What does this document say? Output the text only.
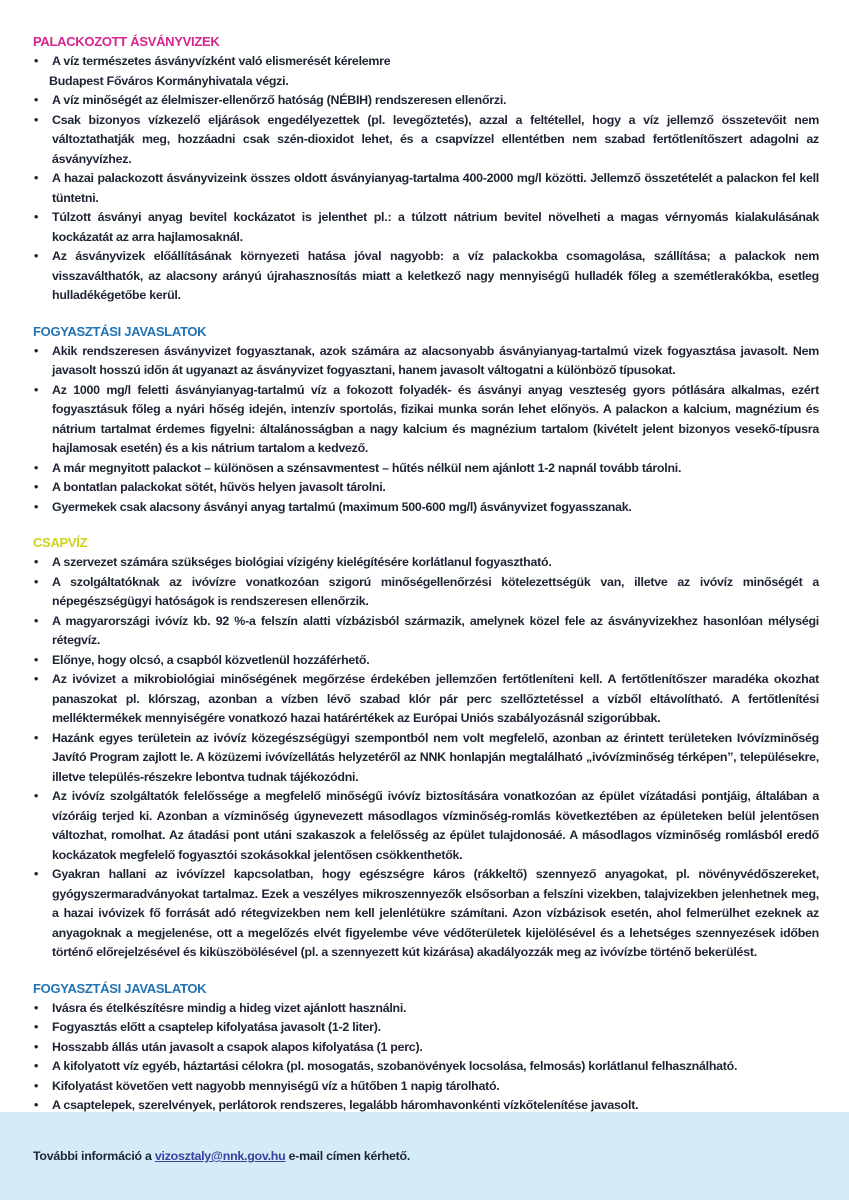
PALACKOZOTT ÁSVÁNYVIZEK
• A víz természetes ásványvízként való elismerését kérelemre
Budapest Főváros Kormányhivatala végzi.
• A víz minőségét az élelmiszer-ellenőrző hatóság (NÉBIH) rendszeresen ellenőrzi.
• Csak bizonyos vízkezelő eljárások engedélyezettek (pl. levegőztetés), azzal a feltétellel, hogy a víz jellemző összetevőit nem változtathatják meg, hozzáadni csak szén-dioxidot lehet, és a csapvízzel ellentétben nem szabad fertőtlenítőszert adagolni az ásványvízhez.
• A hazai palackozott ásványvizeink összes oldott ásványianyag-tartalma 400-2000 mg/l közötti. Jellemző összetételét a palackon fel kell tüntetni.
• Túlzott ásványi anyag bevitel kockázatot is jelenthet pl.: a túlzott nátrium bevitel növelheti a magas vérnyomás kialakulásának kockázatát az arra hajlamosaknál.
• Az ásványvizek előállításának környezeti hatása jóval nagyobb: a víz palackokba csomagolása, szállítása; a palackok nem visszaválthatók, az alacsony arányú újrahasznosítás miatt a keletkező nagy mennyiségű hulladék főleg a szemétlerakókba, esetleg hulladékégetőbe kerül.
FOGYASZTÁSI JAVASLATOK
• Akik rendszeresen ásványvizet fogyasztanak, azok számára az alacsonyabb ásványianyag-tartalmú vizek fogyasztása javasolt. Nem javasolt hosszú időn át ugyanazt az ásványvizet fogyasztani, hanem javasolt váltogatni a különböző típusokat.
• Az 1000 mg/l feletti ásványianyag-tartalmú víz a fokozott folyadék- és ásványi anyag veszteség gyors pótlására alkalmas, ezért fogyasztásuk főleg a nyári hőség idején, intenzív sportolás, fizikai munka során lehet előnyös. A palackon a kalcium, magnézium és nátrium tartalmat érdemes figyelni: általánosságban a nagy kalcium és magnézium tartalom (kivételt jelent bizonyos vesekő-típusra hajlamosak esetén) és a kis nátrium tartalom a kedvező.
• A már megnyitott palackot – különösen a szénsavmentest – hűtés nélkül nem ajánlott 1-2 napnál tovább tárolni.
• A bontatlan palackokat sötét, hűvös helyen javasolt tárolni.
• Gyermekek csak alacsony ásványi anyag tartalmú (maximum 500-600 mg/l) ásványvizet fogyasszanak.
CSAPVÍZ
• A szervezet számára szükséges biológiai vízigény kielégítésére korlátlanul fogyasztható.
• A szolgáltatóknak az ivóvízre vonatkozóan szigorú minőségellenőrzési kötelezettségük van, illetve az ivóvíz minőségét a népegészségügyi hatóságok is rendszeresen ellenőrzik.
• A magyarországi ivóvíz kb. 92 %-a felszín alatti vízbázisból származik, amelynek közel fele az ásványvizekhez hasonlóan mélységi rétegvíz.
• Előnye, hogy olcsó, a csapból közvetlenül hozzáférhető.
• Az ivóvizet a mikrobiológiai minőségének megőrzése érdekében jellemzően fertőtleníteni kell. A fertőtlenítőszer maradéka okozhat panaszokat pl. klórszag, azonban a vízben lévő szabad klór pár perc szellőztetéssel a vízből eltávolítható. A fertőtlenítési melléktermékek mennyiségére vonatkozó hazai határértékek az Európai Uniós szabályozásnál szigorúbbak.
• Hazánk egyes területein az ivóvíz közegészségügyi szempontból nem volt megfelelő, azonban az érintett területeken Ivóvízminőség Javító Program zajlott le. A közüzemi ivóvízellátás helyzetéről az NNK honlapján megtalálható „ivóvízminőség térképen”, településekre, illetve település-részekre lebontva tudnak tájékozódni.
• Az ivóvíz szolgáltatók felelőssége a megfelelő minőségű ivóvíz biztosítására vonatkozóan az épület vízátadási pontjáig, általában a vízóráig terjed ki. Azonban a vízminőség úgynevezett másodlagos vízminőség-romlás következtében az épületeken belül jelentősen változhat, romolhat. Az átadási pont utáni szakaszok a felelősség az épület tulajdonosáé. A másodlagos vízminőség romlásból eredő kockázatok megfelelő fogyasztói szokásokkal jelentősen csökkenthetők.
• Gyakran hallani az ivóvízzel kapcsolatban, hogy egészségre káros (rákkeltő) szennyező anyagokat, pl. növényvédőszereket, gyógyszermaradványokat tartalmaz. Ezek a veszélyes mikroszennyezők elsősorban a felszíni vizekben, talajvizekben jelenhetnek meg, a hazai ivóvizek fő forrását adó rétegvizekben nem kell jelenlétükre számítani. Azon vízbázisok esetén, ahol felmerülhet ezeknek az anyagoknak a megjelenése, ott a megelőzés elvét figyelembe véve védőterületek kijelölésével és a lehetséges szennyezések időben történő előrejelzésével és kiküszöbölésével (pl. a szennyezett kút kizárása) akadályozzák meg az ivóvízbe történő bekerülést.
FOGYASZTÁSI JAVASLATOK
• Ivásra és ételkészítésre mindig a hideg vizet ajánlott használni.
• Fogyasztás előtt a csaptelep kifolyatása javasolt (1-2 liter).
• Hosszabb állás után javasolt a csapok alapos kifolyatása (1 perc).
• A kifolyatott víz egyéb, háztartási célokra (pl. mosogatás, szobanövények locsolása, felmosás) korlátlanul felhasználható.
• Kifolyatást követően vett nagyobb mennyiségű víz a hűtőben 1 napig tárolható.
• A csaptelepek, szerelvények, perlátorok rendszeres, legalább háromhavonkénti vízkőtelenítése javasolt.
További információ a vizosztaly@nnk.gov.hu e-mail címen kérhető.
